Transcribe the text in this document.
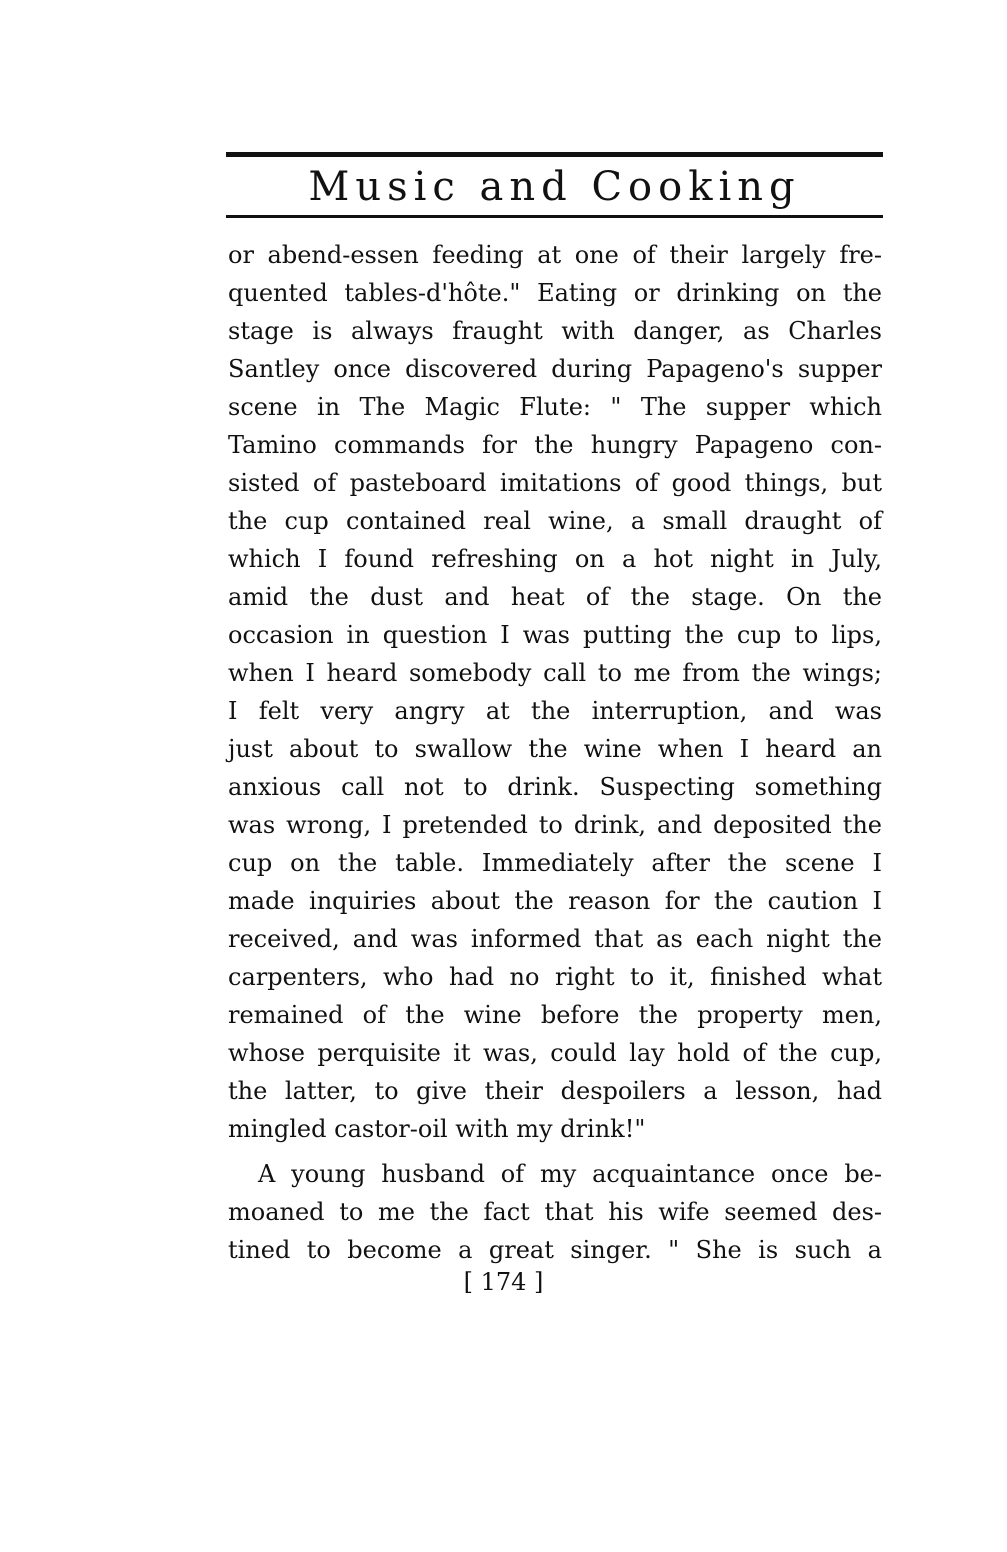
Music and Cooking
or abend-essen feeding at one of their largely fre-
quented tables-d'hôte." Eating or drinking on the
stage is always fraught with danger, as Charles
Santley once discovered during Papageno's supper
scene in The Magic Flute: " The supper which
Tamino commands for the hungry Papageno con-
sisted of pasteboard imitations of good things, but
the cup contained real wine, a small draught of
which I found refreshing on a hot night in July,
amid the dust and heat of the stage. On the
occasion in question I was putting the cup to lips,
when I heard somebody call to me from the wings;
I felt very angry at the interruption, and was
just about to swallow the wine when I heard an
anxious call not to drink. Suspecting something
was wrong, I pretended to drink, and deposited the
cup on the table. Immediately after the scene I
made inquiries about the reason for the caution I
received, and was informed that as each night the
carpenters, who had no right to it, finished what
remained of the wine before the property men,
whose perquisite it was, could lay hold of the cup,
the latter, to give their despoilers a lesson, had
mingled castor-oil with my drink!"
A young husband of my acquaintance once be-
moaned to me the fact that his wife seemed des-
tined to become a great singer. " She is such a
[ 174 ]
